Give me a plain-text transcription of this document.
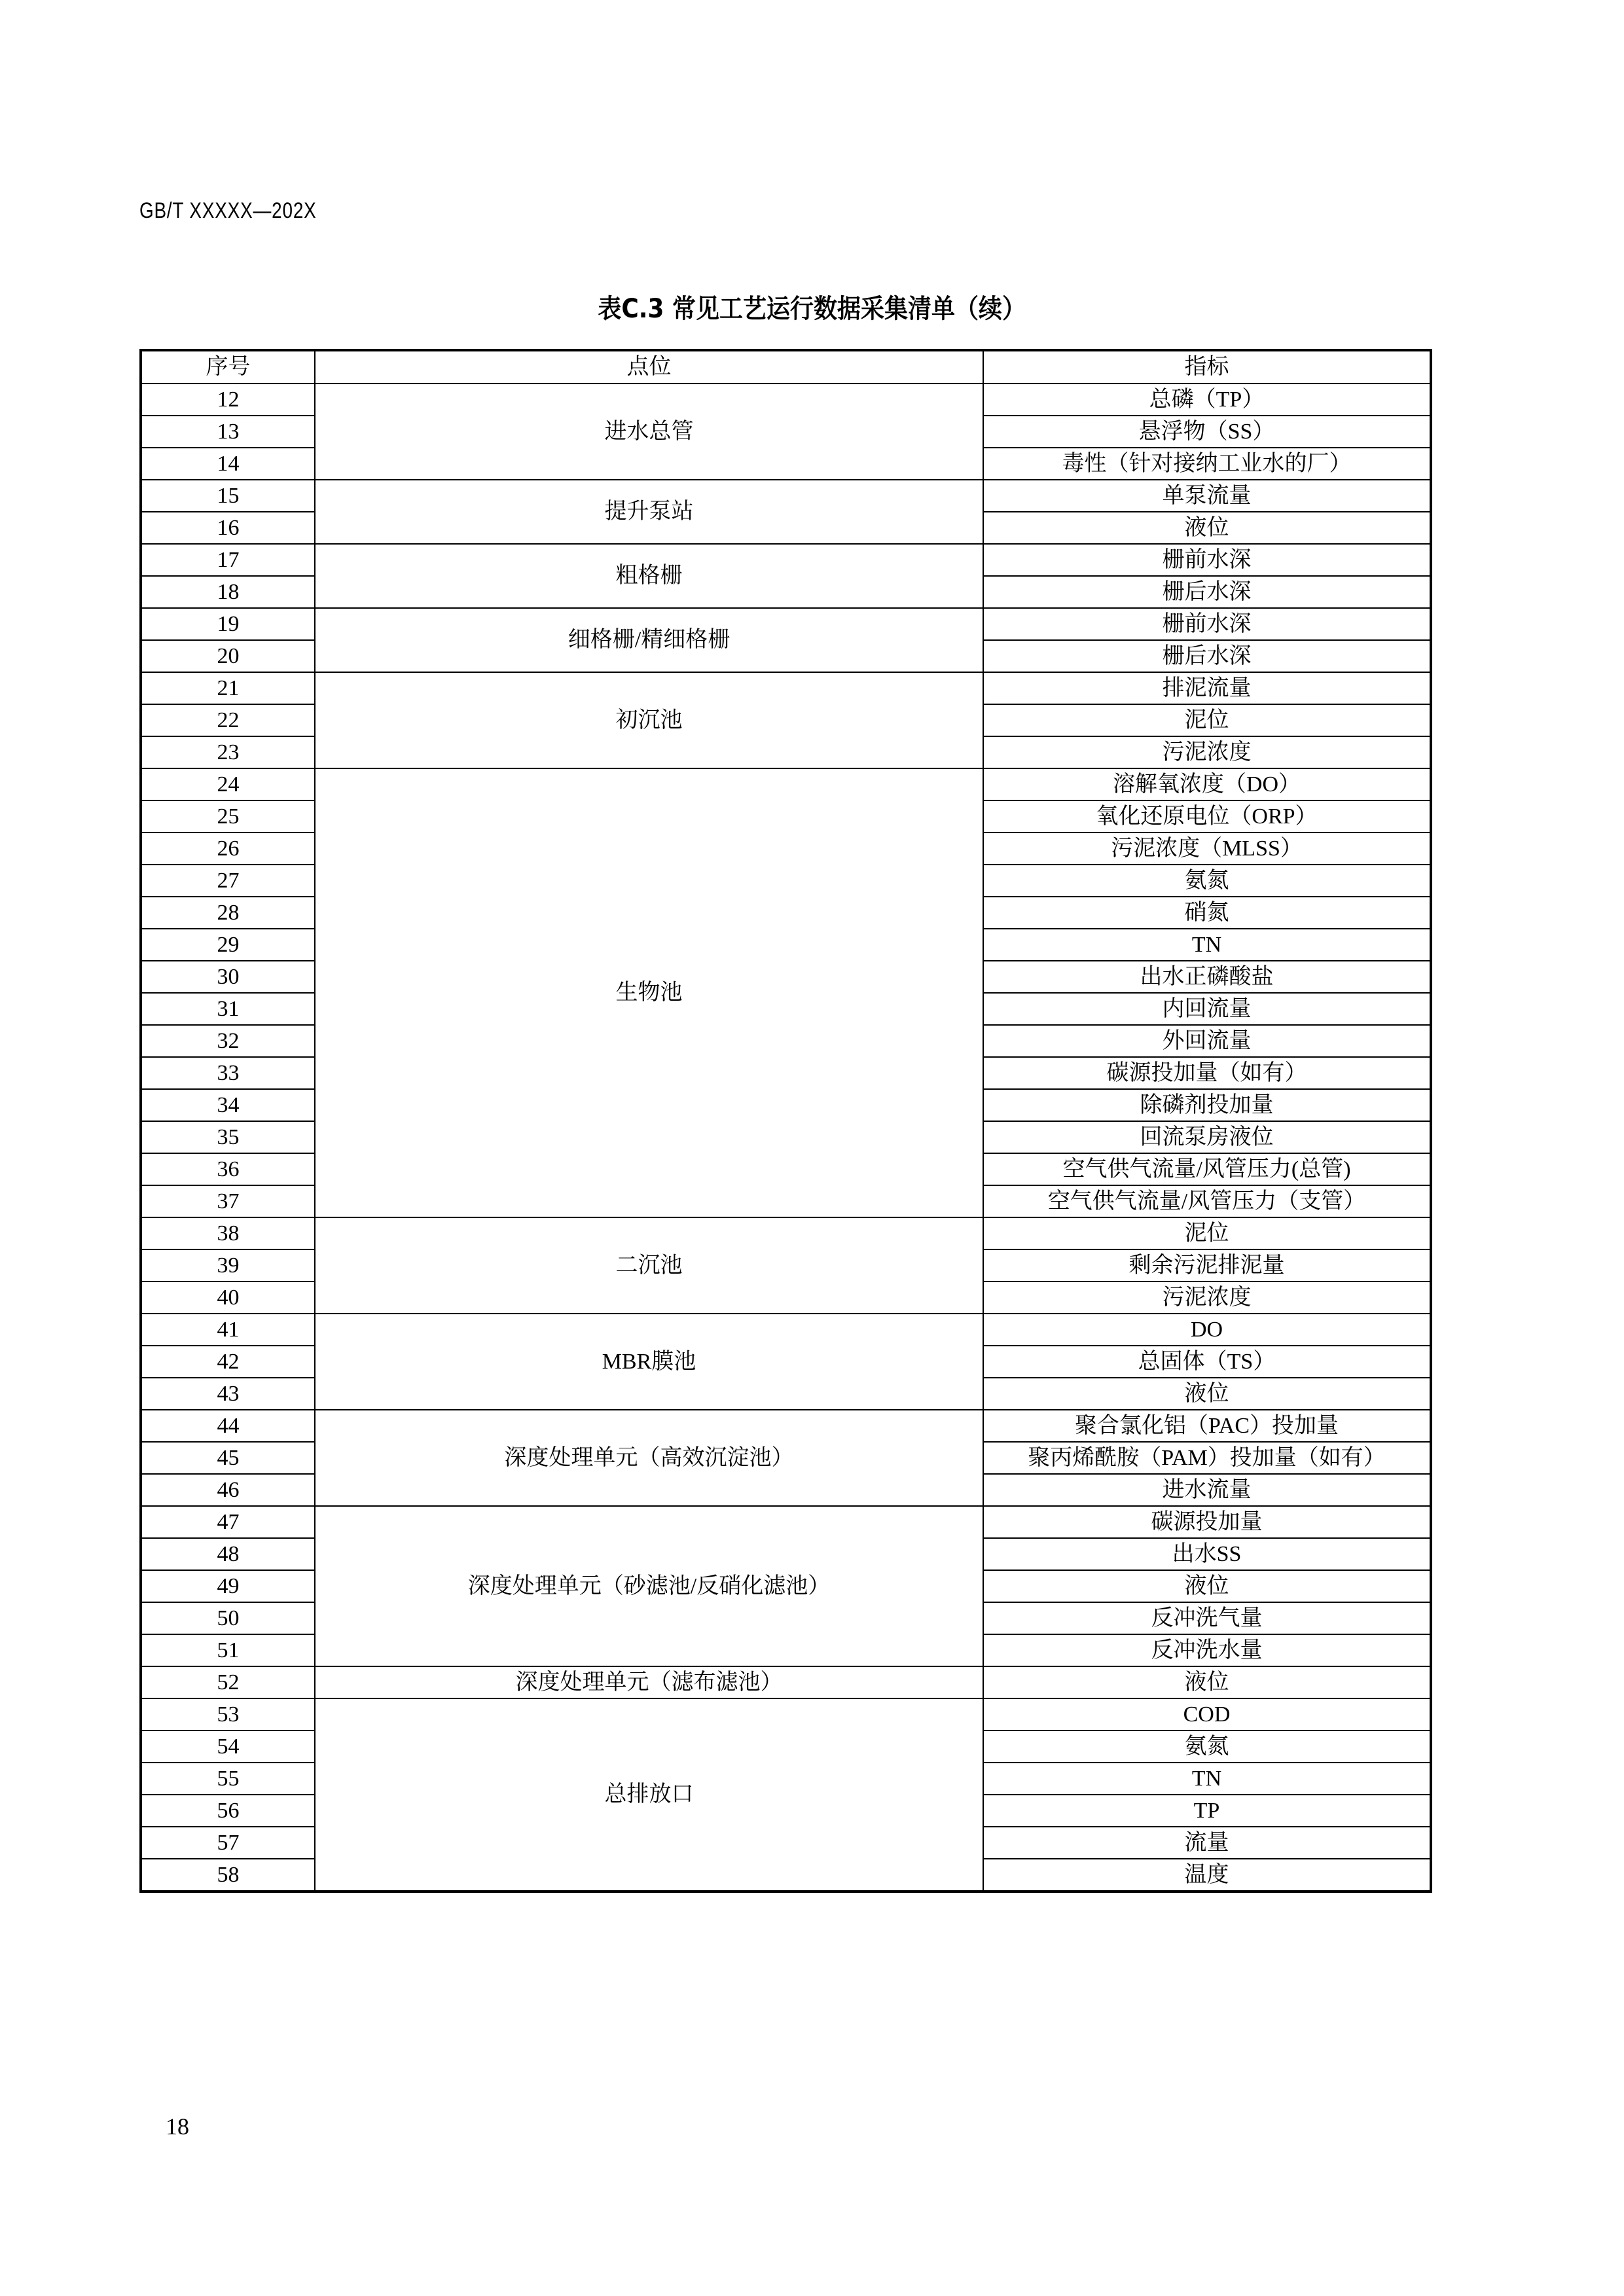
GB/T XXXXX—202X
表C.3 常见工艺运行数据采集清单（续）
序号	点位	指标
12	进水总管	总磷（TP）
13		悬浮物（SS）
14		毒性（针对接纳工业水的厂）
15	提升泵站	单泵流量
16		液位
17	粗格栅	栅前水深
18		栅后水深
19	细格栅/精细格栅	栅前水深
20		栅后水深
21	初沉池	排泥流量
22		泥位
23		污泥浓度
24	生物池	溶解氧浓度（DO）
25		氧化还原电位（ORP）
26		污泥浓度（MLSS）
27		氨氮
28		硝氮
29		TN
30		出水正磷酸盐
31		内回流量
32		外回流量
33		碳源投加量（如有）
34		除磷剂投加量
35		回流泵房液位
36		空气供气流量/风管压力(总管)
37		空气供气流量/风管压力（支管）
38	二沉池	泥位
39		剩余污泥排泥量
40		污泥浓度
41	MBR膜池	DO
42		总固体（TS）
43		液位
44	深度处理单元（高效沉淀池）	聚合氯化铝（PAC）投加量
45		聚丙烯酰胺（PAM）投加量（如有）
46		进水流量
47	深度处理单元（砂滤池/反硝化滤池）	碳源投加量
48		出水SS
49		液位
50		反冲洗气量
51		反冲洗水量
52	深度处理单元（滤布滤池）	液位
53	总排放口	COD
54		氨氮
55		TN
56		TP
57		流量
58		温度
18
